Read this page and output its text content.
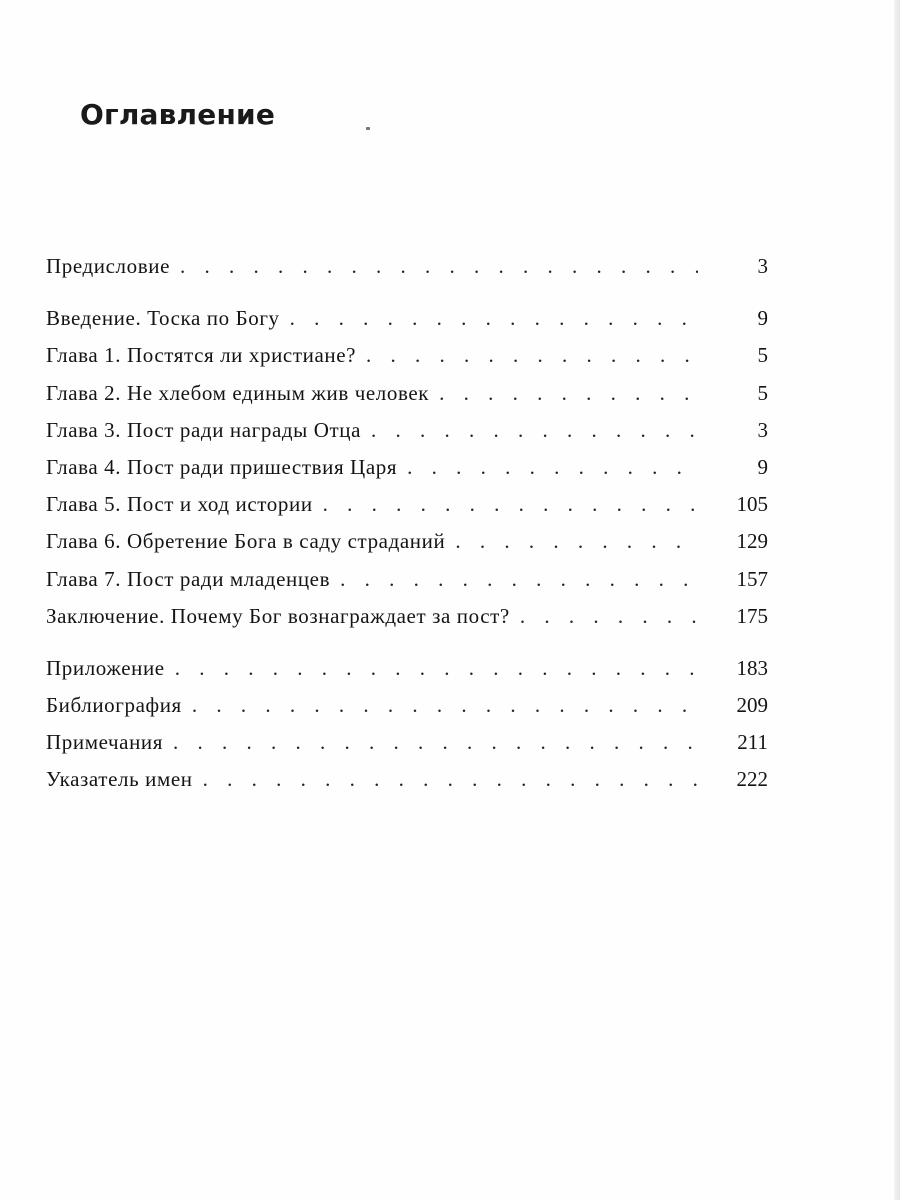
Оглавление
Предисловие . . .	3
Введение. Тоска по Богу . . .	9
Глава 1. Постятся ли христиане? . . .	5
Глава 2. Не хлебом единым жив человек . . .	5
Глава 3. Пост ради награды Отца . . .	3
Глава 4. Пост ради пришествия Царя . . .	9
Глава 5. Пост и ход истории . . .	105
Глава 6. Обретение Бога в саду страданий . . .	129
Глава 7. Пост ради младенцев . . .	157
Заключение. Почему Бог вознаграждает за пост? . . .	175
Приложение . . .	183
Библиография . . .	209
Примечания . . .	211
Указатель имен . . .	222
